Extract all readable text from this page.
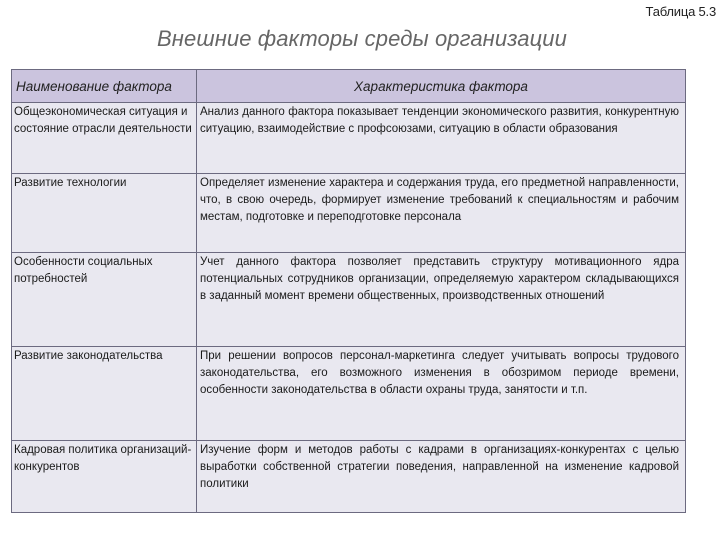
Таблица 5.3
Внешние факторы среды организации
Наименование фактора	Характеристика фактора
Общеэкономическая ситуация и состояние отрасли деятельности	Анализ данного фактора показывает тенденции экономического развития, конкурентную ситуацию, взаимодействие с профсоюзами, ситуацию в области образования
Развитие технологии	Определяет изменение характера и содержания труда, его предметной направленности, что, в свою очередь, формирует изменение требований к специальностям и рабочим местам, подготовке и переподготовке персонала
Особенности социальных потребностей	Учет данного фактора позволяет представить структуру мотивационного ядра потенциальных сотрудников организации, определяемую характером складывающихся в заданный момент времени общественных, производственных отношений
Развитие законодательства	При решении вопросов персонал-маркетинга следует учитывать вопросы трудового законодательства, его возможного изменения в обозримом периоде времени, особенности законодательства в области охраны труда, занятости и т.п.
Кадровая политика организаций-конкурентов	Изучение форм и методов работы с кадрами в организациях-конкурентах с целью выработки собственной стратегии поведения, направленной на изменение кадровой политики
